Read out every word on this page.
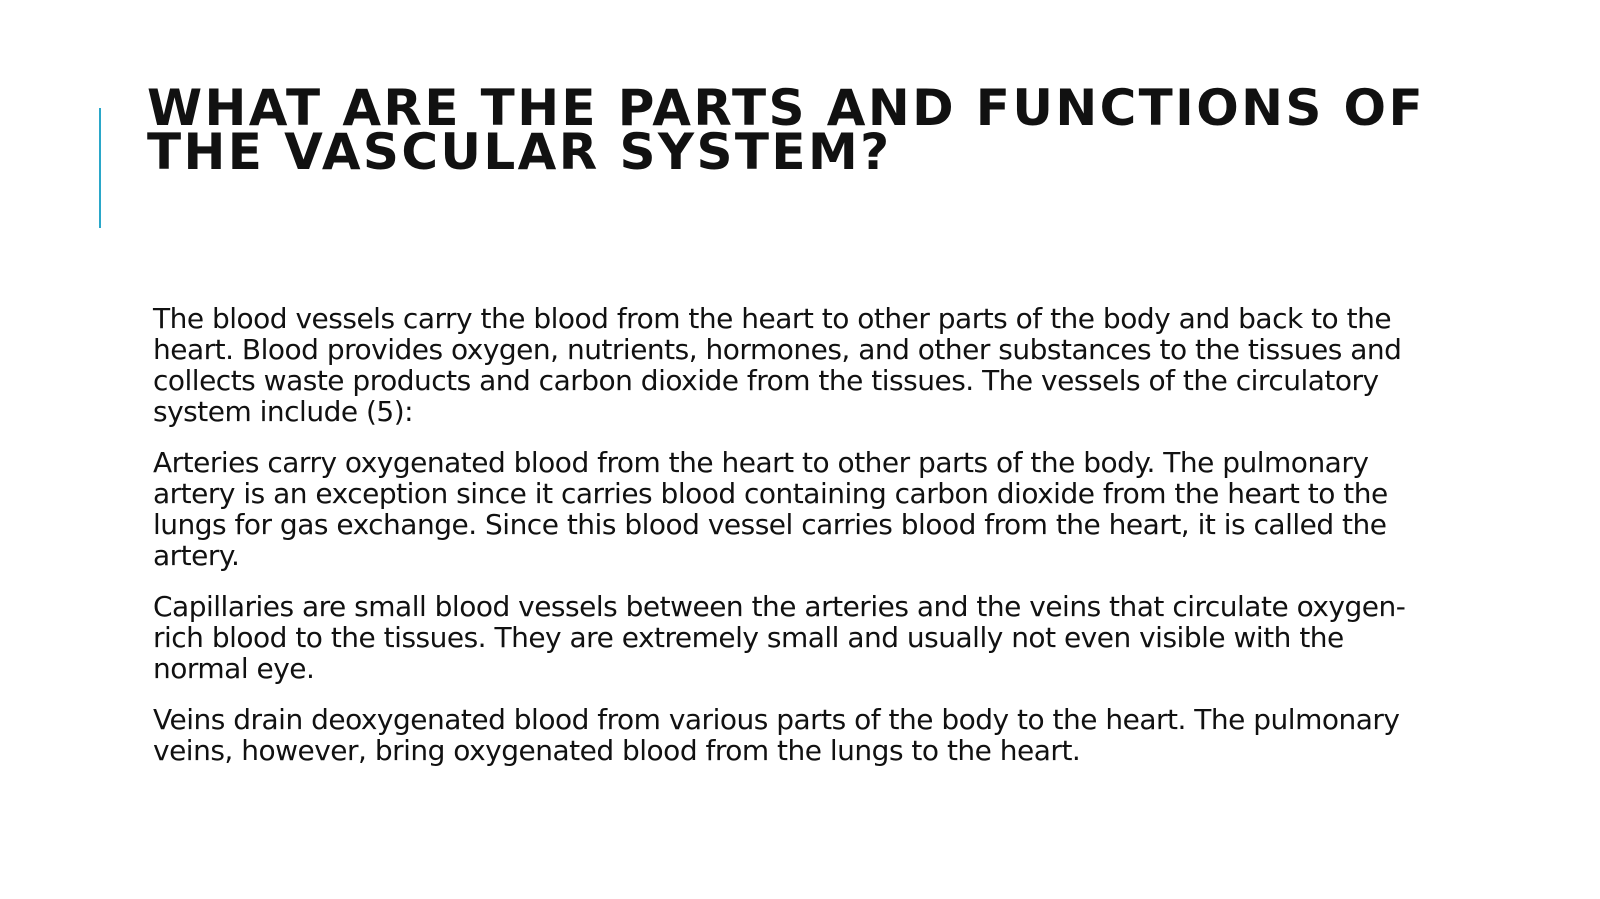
WHAT ARE THE PARTS AND FUNCTIONS OF THE VASCULAR SYSTEM?

The blood vessels carry the blood from the heart to other parts of the body and back to the heart. Blood provides oxygen, nutrients, hormones, and other substances to the tissues and collects waste products and carbon dioxide from the tissues. The vessels of the circulatory system include (5):

Arteries carry oxygenated blood from the heart to other parts of the body. The pulmonary artery is an exception since it carries blood containing carbon dioxide from the heart to the lungs for gas exchange. Since this blood vessel carries blood from the heart, it is called the artery.

Capillaries are small blood vessels between the arteries and the veins that circulate oxygen-rich blood to the tissues. They are extremely small and usually not even visible with the normal eye.

Veins drain deoxygenated blood from various parts of the body to the heart. The pulmonary veins, however, bring oxygenated blood from the lungs to the heart.
